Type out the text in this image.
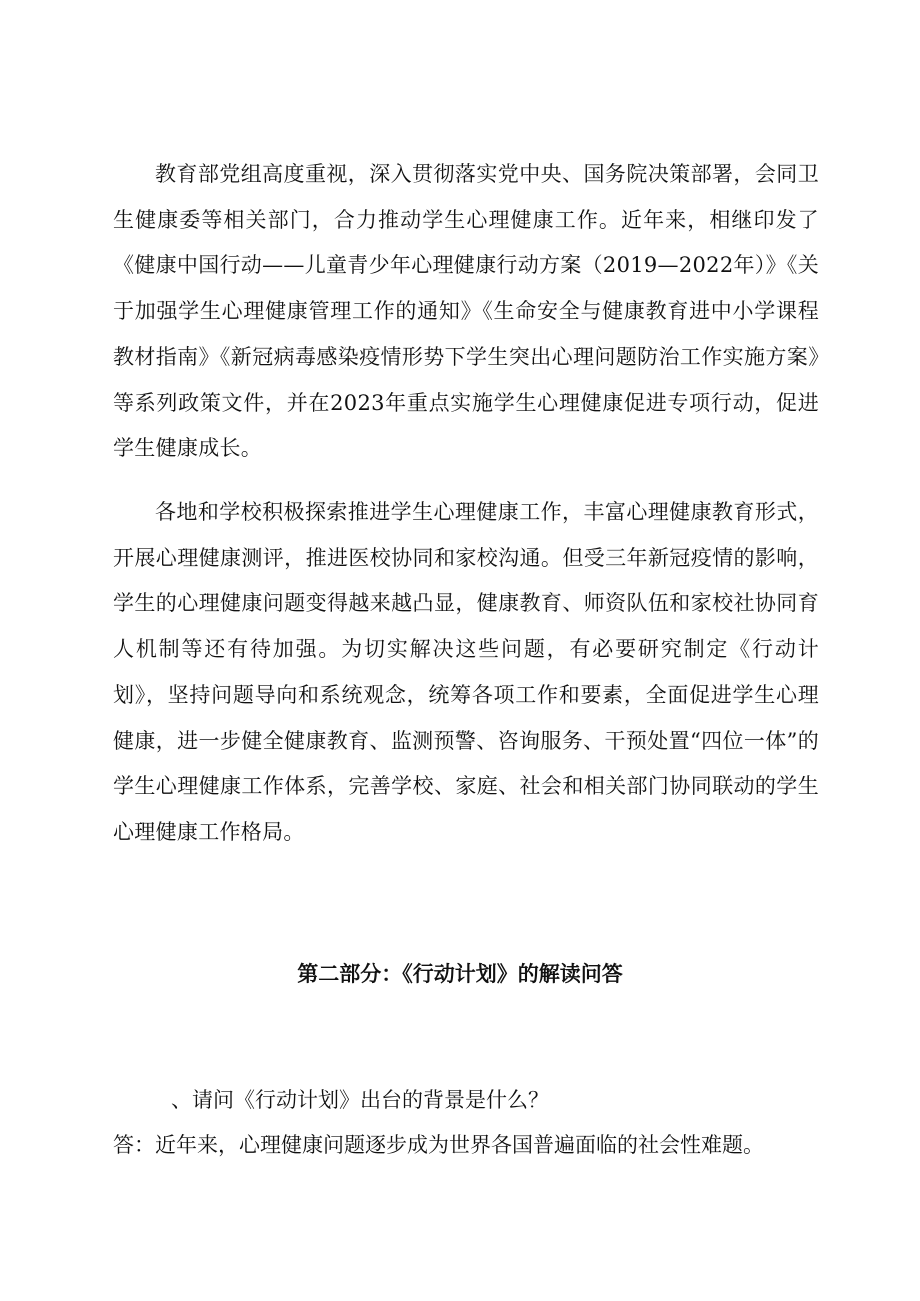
教育部党组高度重视，深入贯彻落实党中央、国务院决策部署，会同卫生健康委等相关部门，合力推动学生心理健康工作。近年来，相继印发了《健康中国行动——儿童青少年心理健康行动方案（2019—2022年）》《关于加强学生心理健康管理工作的通知》《生命安全与健康教育进中小学课程教材指南》《新冠病毒感染疫情形势下学生突出心理问题防治工作实施方案》等系列政策文件，并在2023年重点实施学生心理健康促进专项行动，促进学生健康成长。

各地和学校积极探索推进学生心理健康工作，丰富心理健康教育形式，开展心理健康测评，推进医校协同和家校沟通。但受三年新冠疫情的影响，学生的心理健康问题变得越来越凸显，健康教育、师资队伍和家校社协同育人机制等还有待加强。为切实解决这些问题，有必要研究制定《行动计划》，坚持问题导向和系统观念，统筹各项工作和要素，全面促进学生心理健康，进一步健全健康教育、监测预警、咨询服务、干预处置“四位一体”的学生心理健康工作体系，完善学校、家庭、社会和相关部门协同联动的学生心理健康工作格局。

第二部分：《行动计划》的解读问答

、请问《行动计划》出台的背景是什么？

答：近年来，心理健康问题逐步成为世界各国普遍面临的社会性难题。
